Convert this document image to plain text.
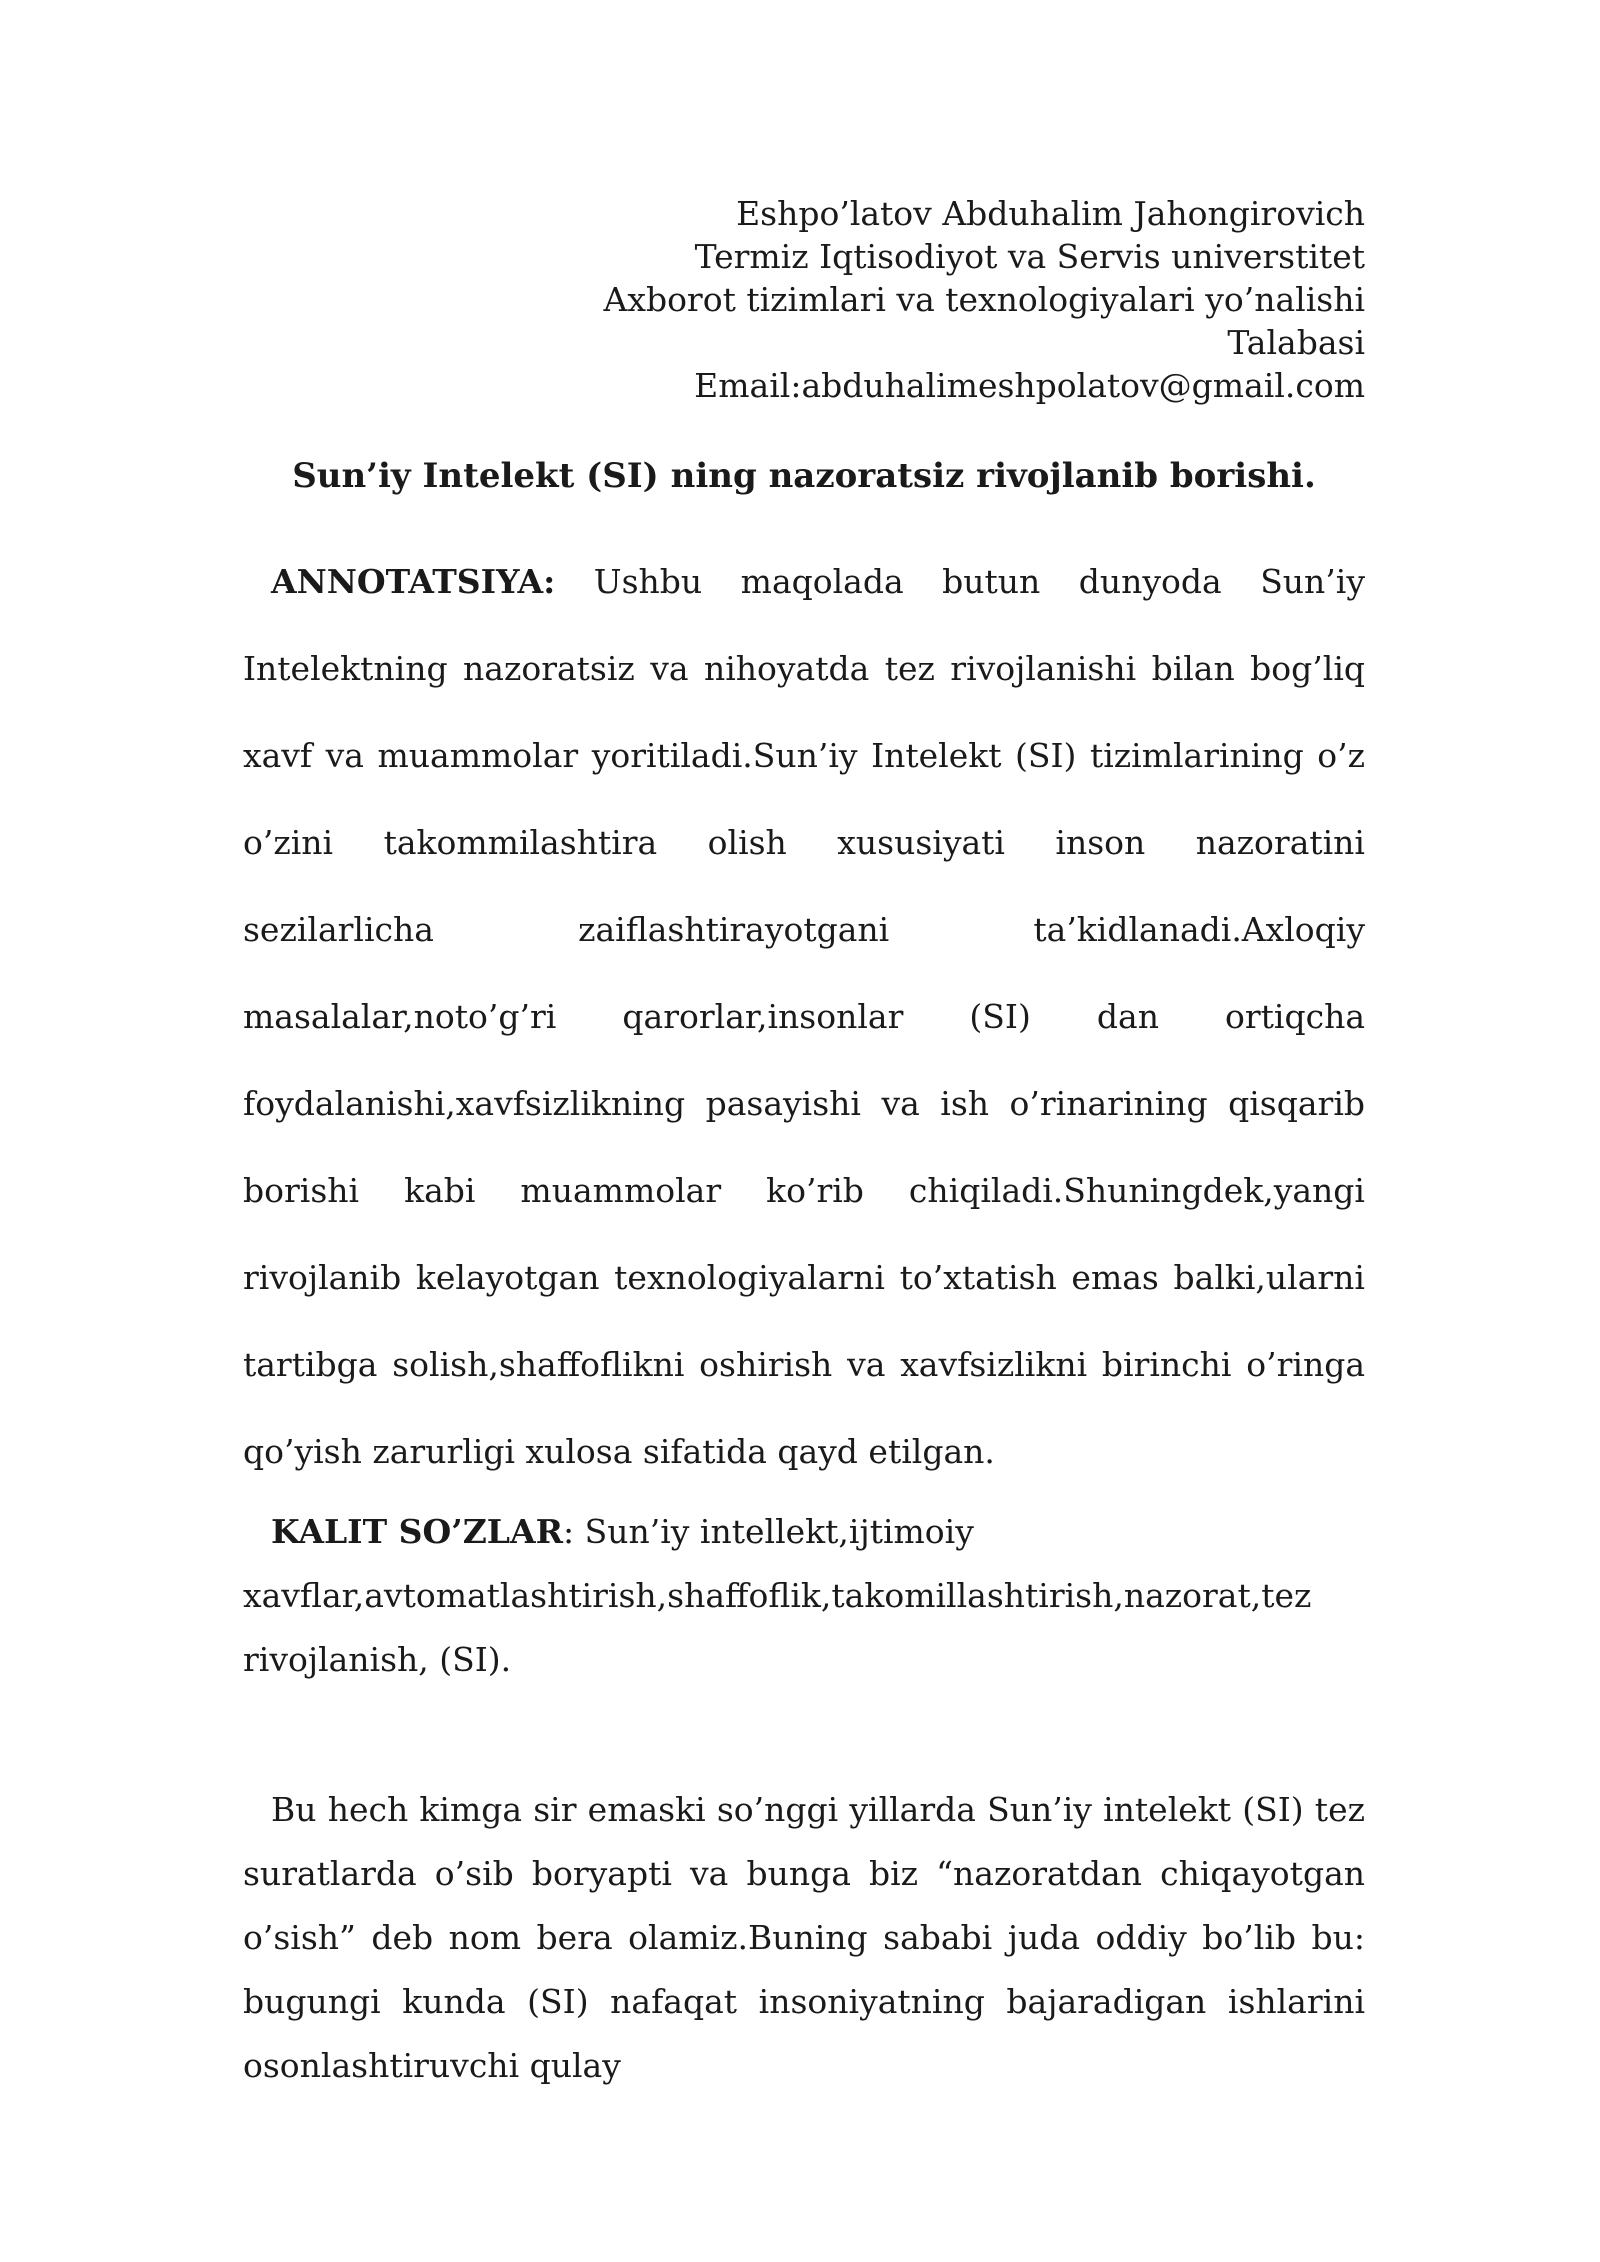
Eshpo’latov Abduhalim Jahongirovich
Termiz Iqtisodiyot va Servis universtitet
Axborot tizimlari va texnologiyalari yo’nalishi
Talabasi
Email:abduhalimeshpolatov@gmail.com
Sun’iy Intelekt (SI) ning nazoratsiz rivojlanib borishi.

ANNOTATSIYA: Ushbu maqolada butun dunyoda Sun’iy Intelektning nazoratsiz va nihoyatda tez rivojlanishi bilan bog’liq xavf va muammolar yoritiladi.Sun’iy Intelekt (SI) tizimlarining o’z o’zini takommilashtira olish xususiyati inson nazoratini sezilarlicha zaiflashtirayotgani ta’kidlanadi.Axloqiy masalalar,noto’g’ri qarorlar,insonlar (SI) dan ortiqcha foydalanishi,xavfsizlikning pasayishi va ish o’rinarining qisqarib borishi kabi muammolar ko’rib chiqiladi.Shuningdek,yangi rivojlanib kelayotgan texnologiyalarni to’xtatish emas balki,ularni tartibga solish,shaffoflikni oshirish va xavfsizlikni birinchi o’ringa qo’yish zarurligi xulosa sifatida qayd etilgan.

KALIT SO’ZLAR: Sun’iy intellekt,ijtimoiy xavflar,avtomatlashtirish,shaffoflik,takomillashtirish,nazorat,tez rivojlanish, (SI).

Bu hech kimga sir emaski so’nggi yillarda Sun’iy intelekt (SI) tez suratlarda o’sib boryapti va bunga biz “nazoratdan chiqayotgan o’sish” deb nom bera olamiz.Buning sababi juda oddiy bo’lib bu: bugungi kunda (SI) nafaqat insoniyatning bajaradigan ishlarini osonlashtiruvchi qulay
